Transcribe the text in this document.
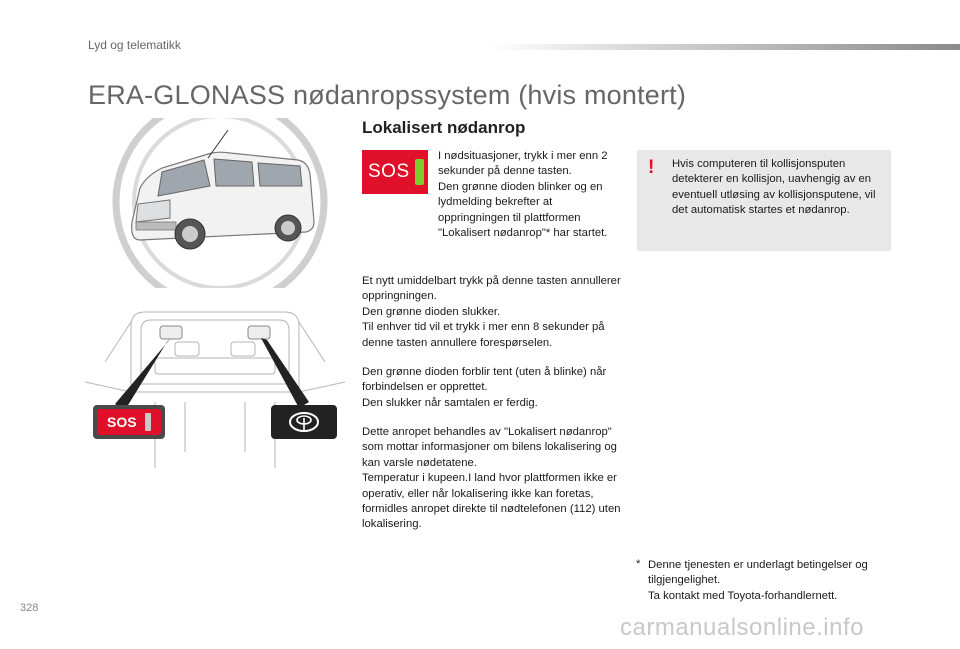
Lyd og telematikk
ERA-GLONASS nødanropssystem (hvis montert)
SOS
Lokalisert nødanrop
SOS
I nødsituasjoner, trykk i mer enn 2 sekunder på denne tasten.
Den grønne dioden blinker og en lydmelding bekrefter at oppringningen til plattformen "Lokalisert nødanrop"* har startet.
Et nytt umiddelbart trykk på denne tasten annullerer oppringningen.
Den grønne dioden slukker.
Til enhver tid vil et trykk i mer enn 8 sekunder på denne tasten annullere forespørselen.
Den grønne dioden forblir tent (uten å blinke) når forbindelsen er opprettet.
Den slukker når samtalen er ferdig.
Dette anropet behandles av "Lokalisert nødanrop" som mottar informasjoner om bilens lokalisering og kan varsle nødetatene.
Temperatur i kupeen.I land hvor plattformen ikke er operativ, eller når lokalisering ikke kan foretas, formidles anropet direkte til nødtelefonen (112) uten lokalisering.
! Hvis computeren til kollisjonsputen detekterer en kollisjon, uavhengig av en eventuell utløsing av kollisjonsputene, vil det automatisk startes et nødanrop.
* Denne tjenesten er underlagt betingelser og tilgjengelighet.
Ta kontakt med Toyota-forhandlernett.
328
carmanualsonline.info
